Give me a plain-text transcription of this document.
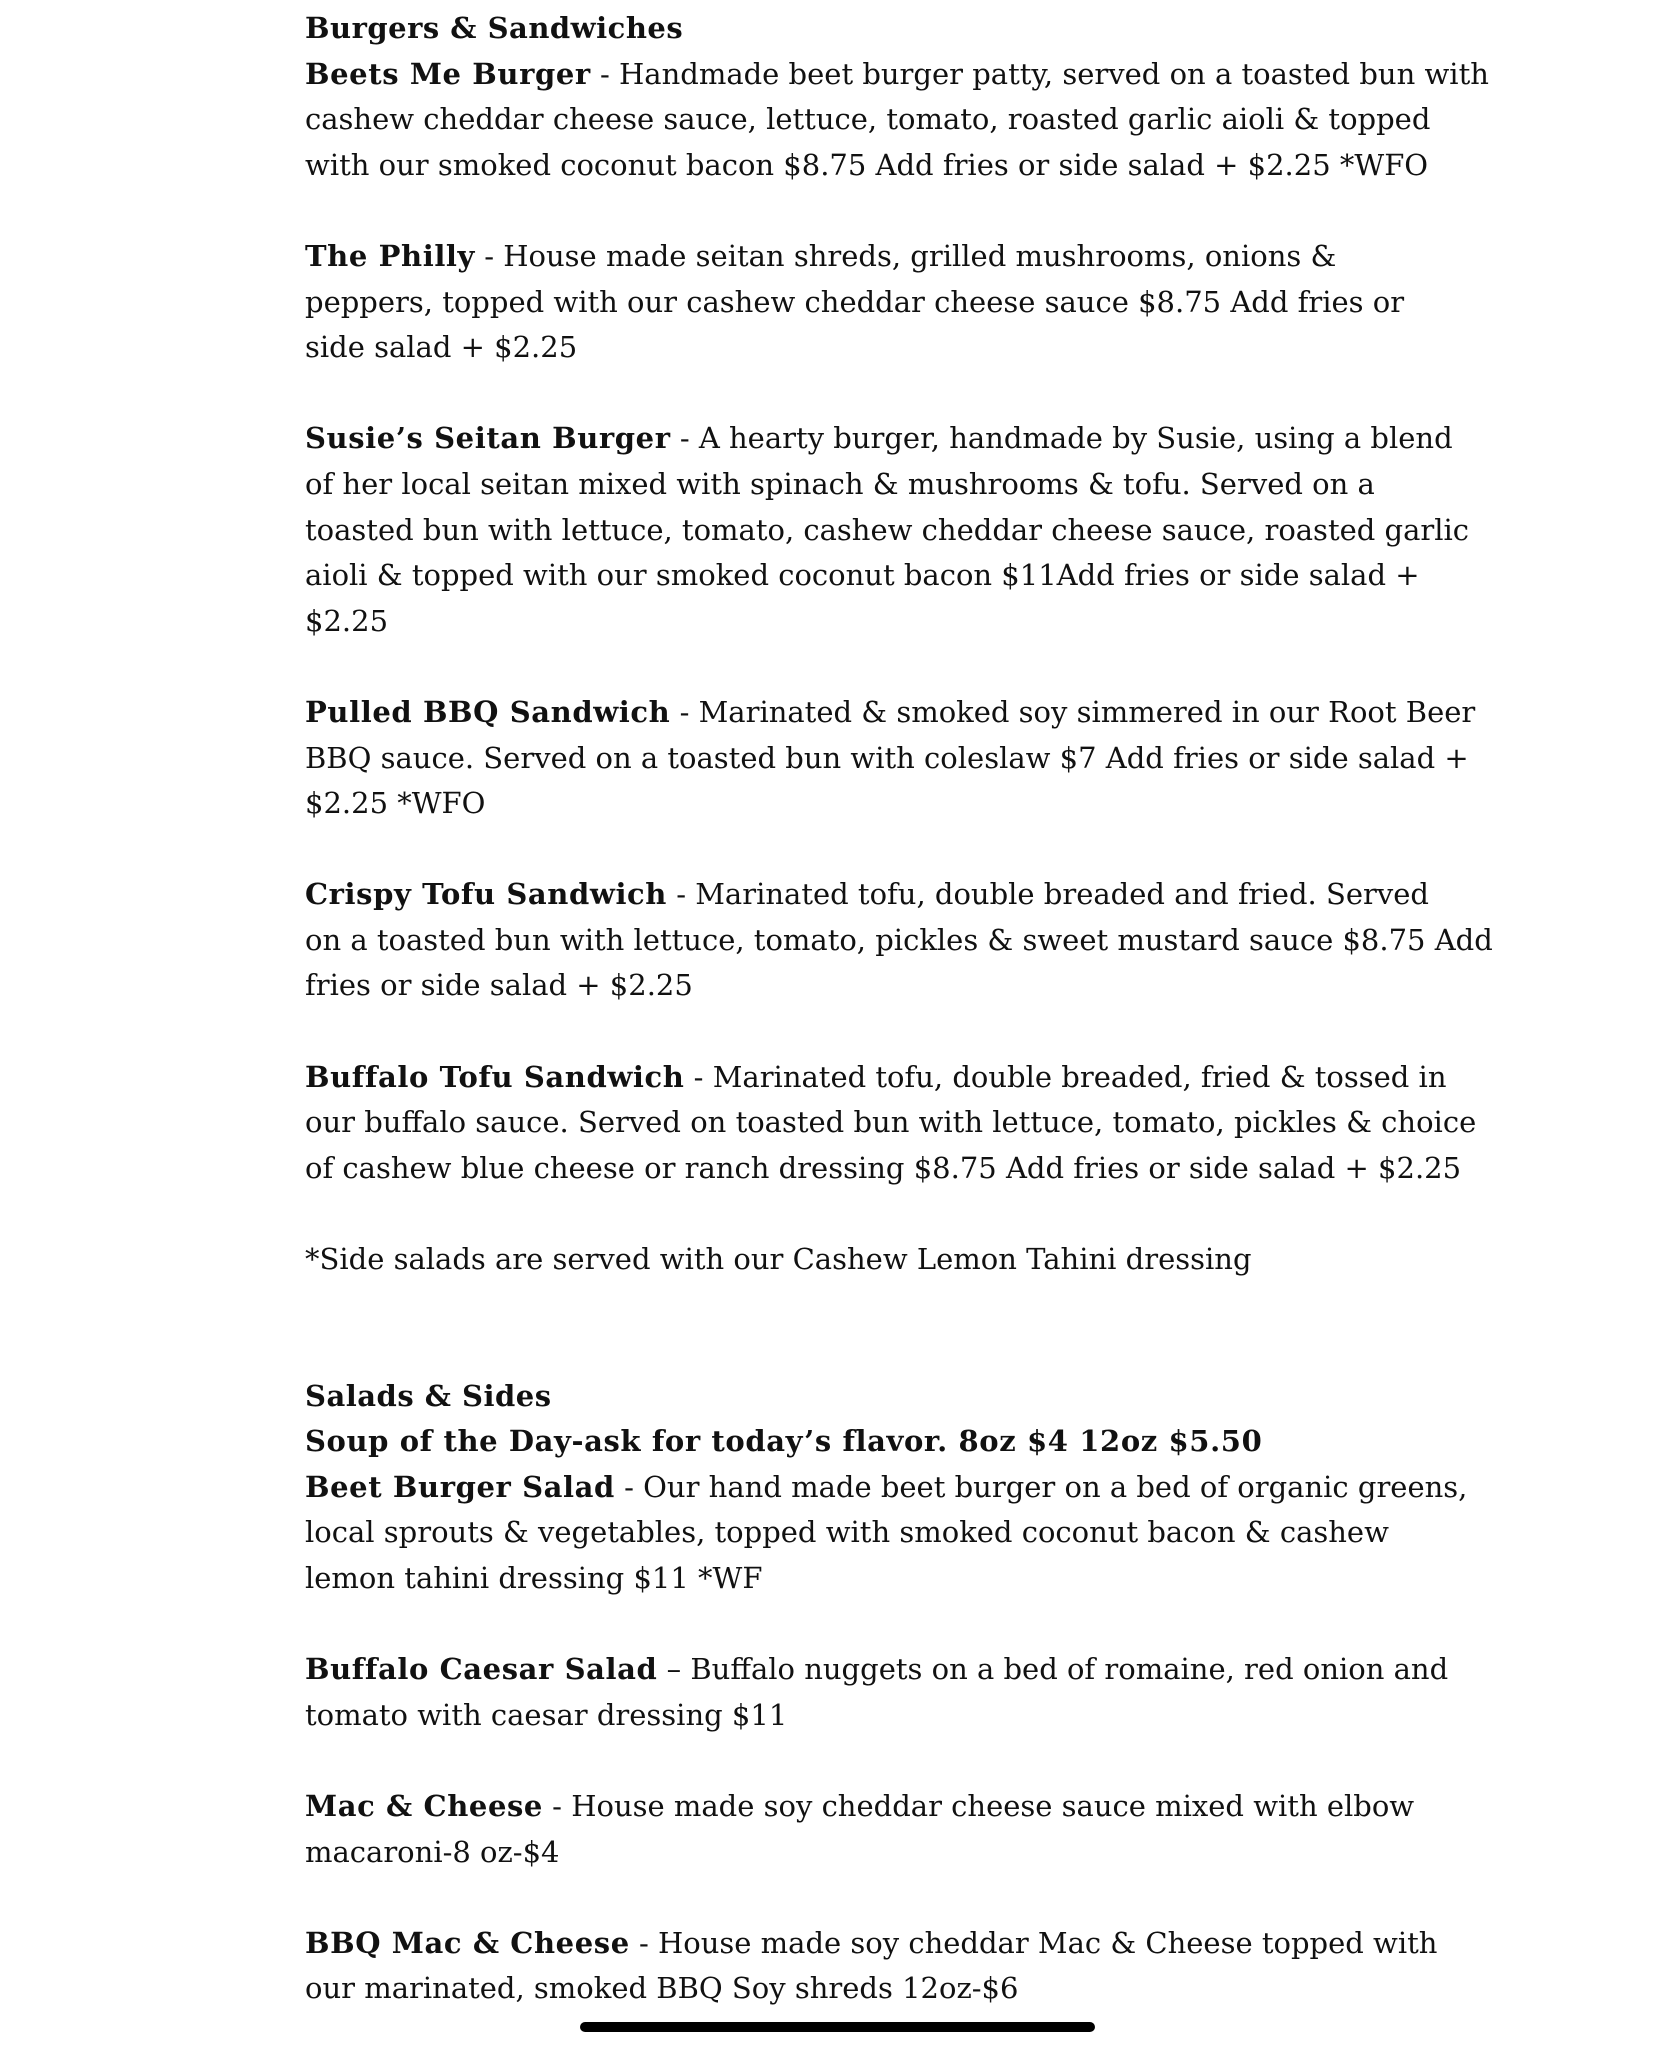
Burgers & Sandwiches
Beets Me Burger - Handmade beet burger patty, served on a toasted bun with
cashew cheddar cheese sauce, lettuce, tomato, roasted garlic aioli & topped
with our smoked coconut bacon $8.75 Add fries or side salad + $2.25 *WFO
The Philly - House made seitan shreds, grilled mushrooms, onions &
peppers, topped with our cashew cheddar cheese sauce $8.75 Add fries or
side salad + $2.25
Susie’s Seitan Burger - A hearty burger, handmade by Susie, using a blend
of her local seitan mixed with spinach & mushrooms & tofu. Served on a
toasted bun with lettuce, tomato, cashew cheddar cheese sauce, roasted garlic
aioli & topped with our smoked coconut bacon $11Add fries or side salad +
$2.25
Pulled BBQ Sandwich - Marinated & smoked soy simmered in our Root Beer
BBQ sauce. Served on a toasted bun with coleslaw $7 Add fries or side salad +
$2.25 *WFO
Crispy Tofu Sandwich - Marinated tofu, double breaded and fried. Served
on a toasted bun with lettuce, tomato, pickles & sweet mustard sauce $8.75 Add
fries or side salad + $2.25
Buffalo Tofu Sandwich - Marinated tofu, double breaded, fried & tossed in
our buffalo sauce. Served on toasted bun with lettuce, tomato, pickles & choice
of cashew blue cheese or ranch dressing $8.75 Add fries or side salad + $2.25
*Side salads are served with our Cashew Lemon Tahini dressing
Salads & Sides
Soup of the Day-ask for today’s flavor. 8oz $4 12oz $5.50
Beet Burger Salad - Our hand made beet burger on a bed of organic greens,
local sprouts & vegetables, topped with smoked coconut bacon & cashew
lemon tahini dressing $11 *WF
Buffalo Caesar Salad – Buffalo nuggets on a bed of romaine, red onion and
tomato with caesar dressing $11
Mac & Cheese - House made soy cheddar cheese sauce mixed with elbow
macaroni-8 oz-$4
BBQ Mac & Cheese - House made soy cheddar Mac & Cheese topped with
our marinated, smoked BBQ Soy shreds 12oz-$6
